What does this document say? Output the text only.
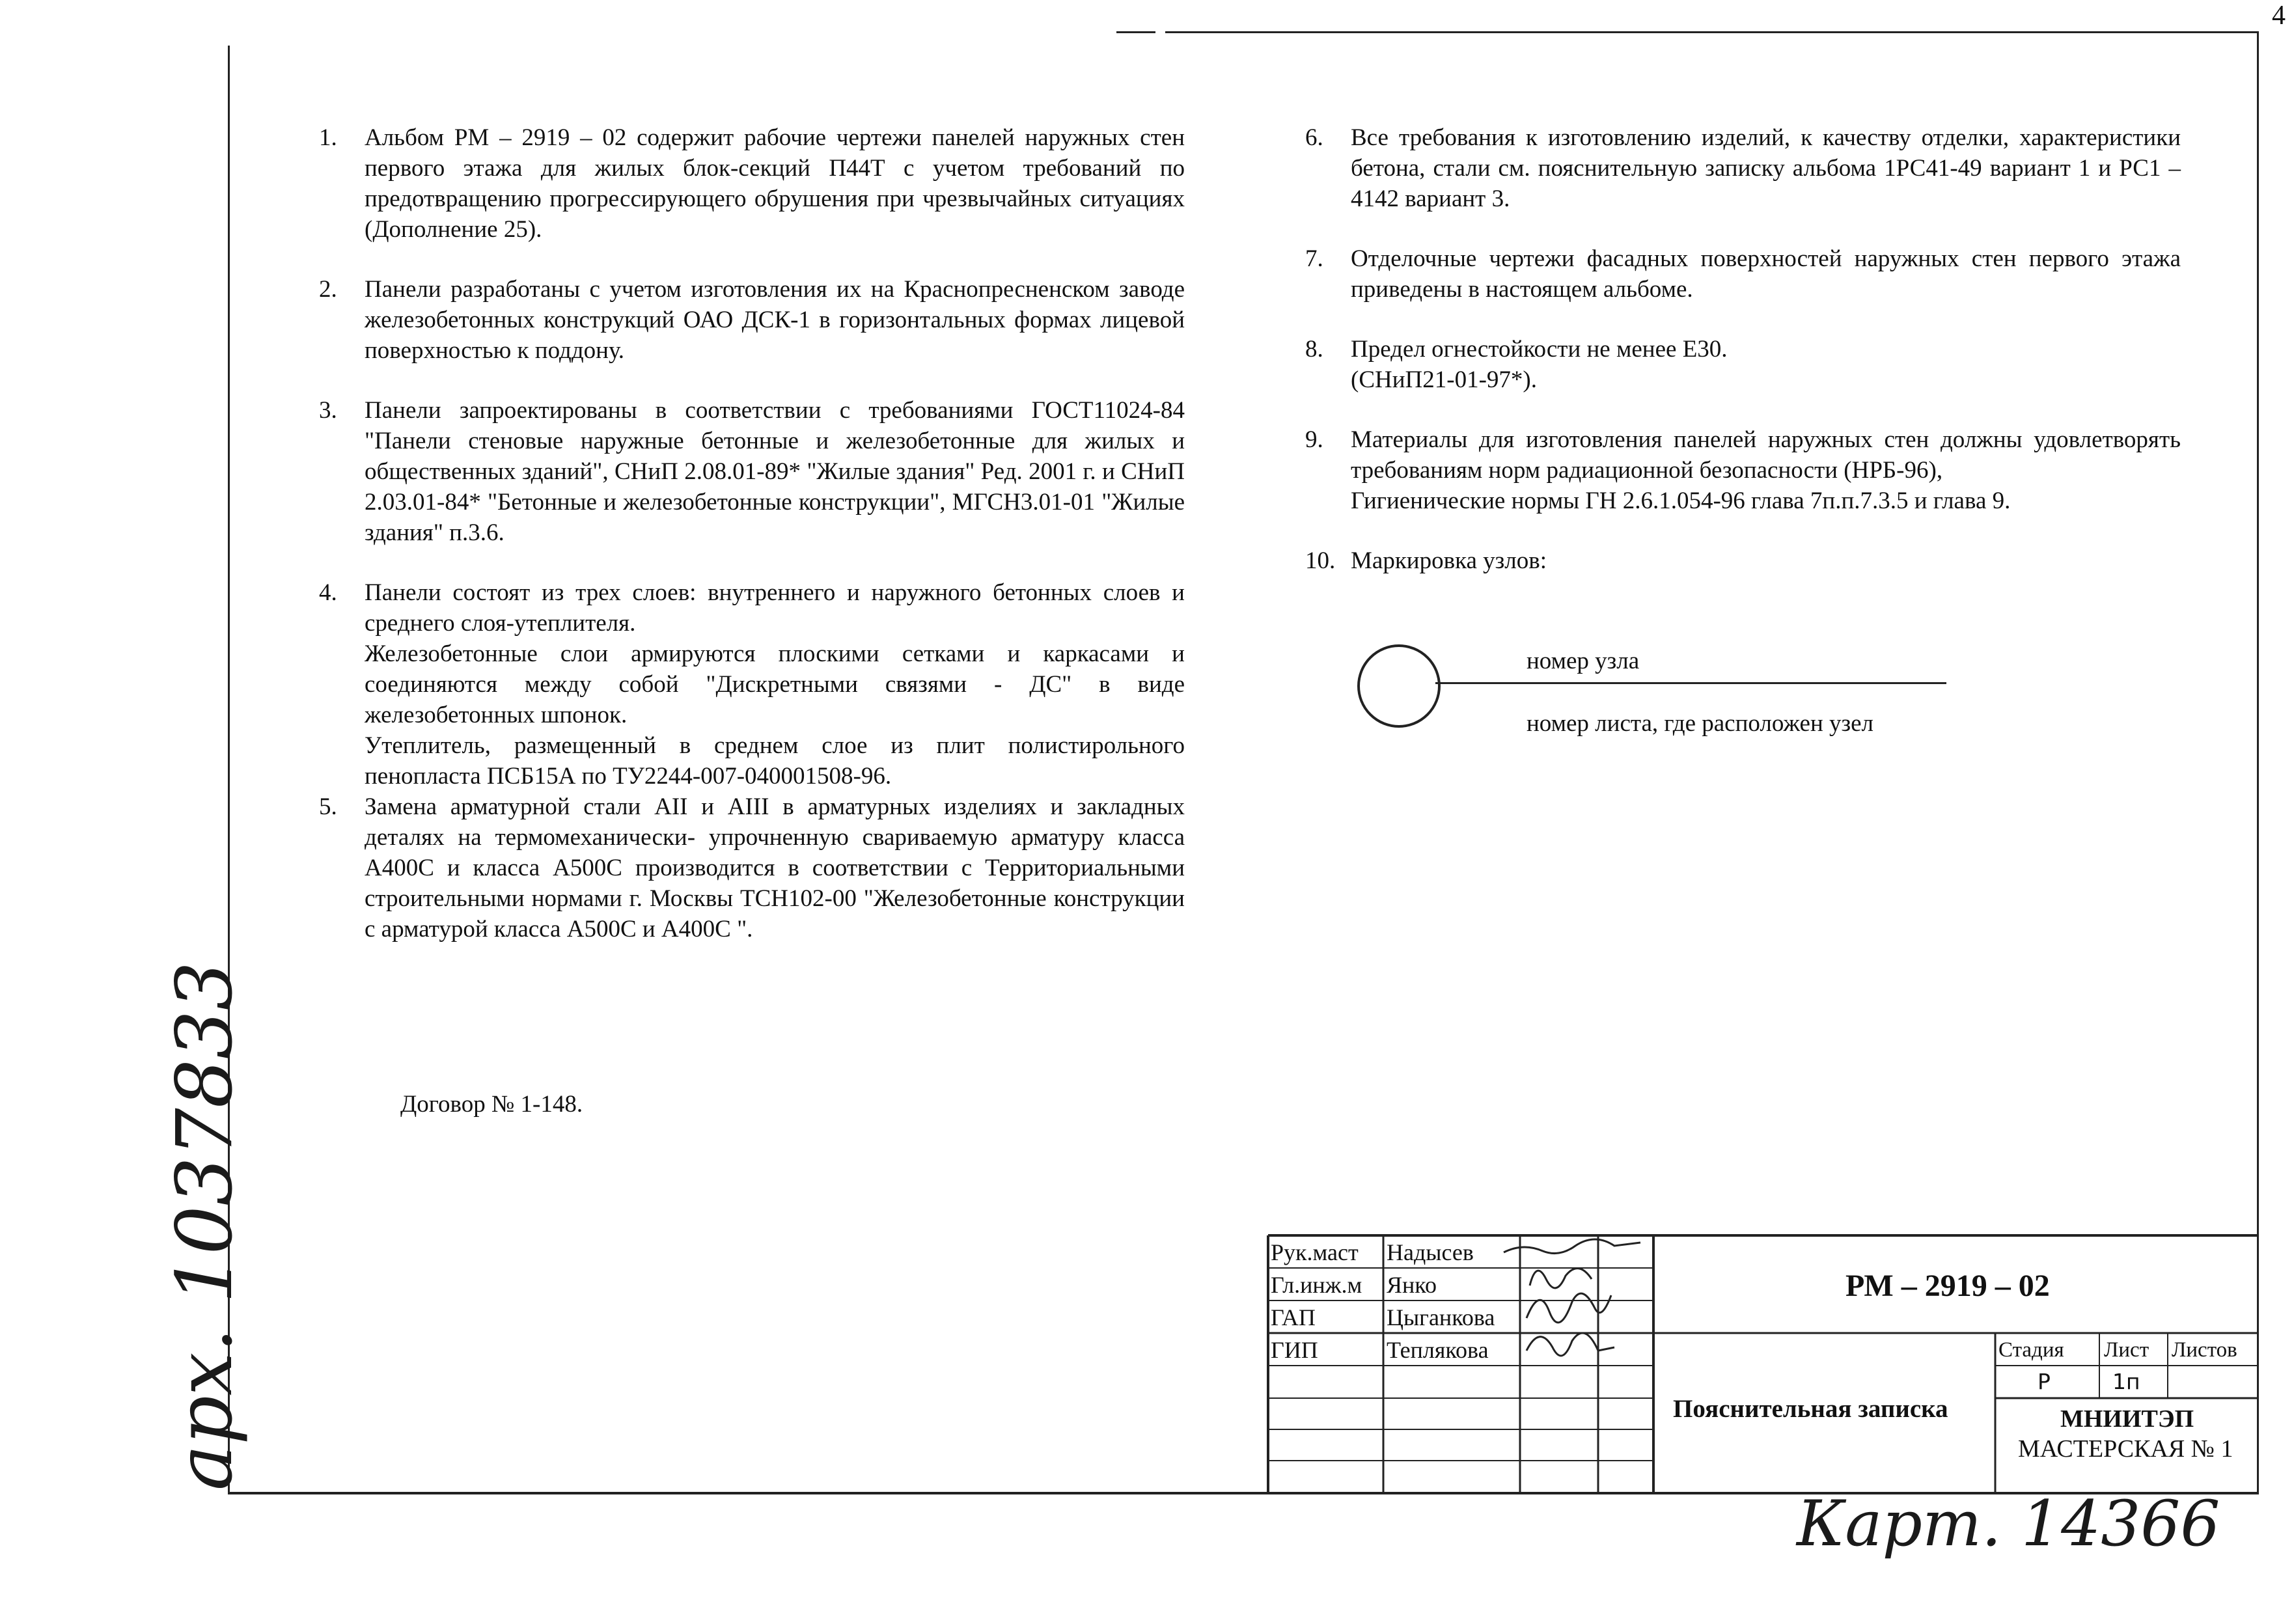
4
1.	Альбом РМ – 2919 – 02 содержит рабочие чертежи панелей наружных стен первого этажа для жилых блок-секций П44Т с учетом требований по предотвращению прогрессирующего обрушения при чрезвычайных ситуациях (Дополнение 25).

2.	Панели разработаны с учетом изготовления их на Краснопресненском заводе железобетонных конструкций ОАО ДСК-1 в горизонтальных формах лицевой поверхностью к поддону.

3.	Панели запроектированы в соответствии с требованиями ГОСТ11024-84 "Панели стеновые наружные бетонные и железобетонные для жилых и общественных зданий", СНиП 2.08.01-89* "Жилые здания" Ред. 2001 г. и СНиП 2.03.01-84* "Бетонные и железобетонные конструкции", МГСН3.01-01 "Жилые здания" п.3.6.

4.	Панели состоят из трех слоев: внутреннего и наружного бетонных слоев и среднего слоя-утеплителя.

Железобетонные слои армируются плоскими сетками и каркасами и соединяются между собой "Дискретными связями - ДС" в виде железобетонных шпонок.

Утеплитель, размещенный в среднем слое из плит полистирольного пенопласта ПСБ15А по ТУ2244-007-040001508-96.

5.	Замена арматурной стали АII и АIII в арматурных изделиях и закладных деталях на термомеханически- упрочненную свариваемую арматуру класса А400С и класса А500С производится в соответствии с Территориальными строительными нормами г. Москвы ТСН102-00 "Железобетонные конструкции с арматурой класса А500С и А400С ".

6.	Все требования к изготовлению изделий, к качеству отделки, характеристики бетона, стали см. пояснительную записку альбома 1РС41-49 вариант 1 и РС1 – 4142 вариант 3.

7.	Отделочные чертежи фасадных поверхностей наружных стен первого этажа приведены в настоящем альбоме.

8.	Предел огнестойкости не менее Е30.

(СНиП21-01-97*).

9.	Материалы для изготовления панелей наружных стен должны удовлетворять требованиям норм радиационной безопасности (НРБ-96),

Гигиенические нормы ГН 2.6.1.054-96 глава 7п.п.7.3.5 и глава 9.

10. Маркировка узлов:

номер узла
номер листа, где расположен узел
Договор № 1-148.
Рук.маст Надысев
Гл.инж.м Янко
ГАП	Цыганкова
ГИП	Теплякова
РМ – 2919 – 02
Пояснительная записка
Стадия Лист Листов
Р	1п
МНИИТЭП
МАСТЕРСКАЯ № 1
арх. 1037833
Карт. 14366
